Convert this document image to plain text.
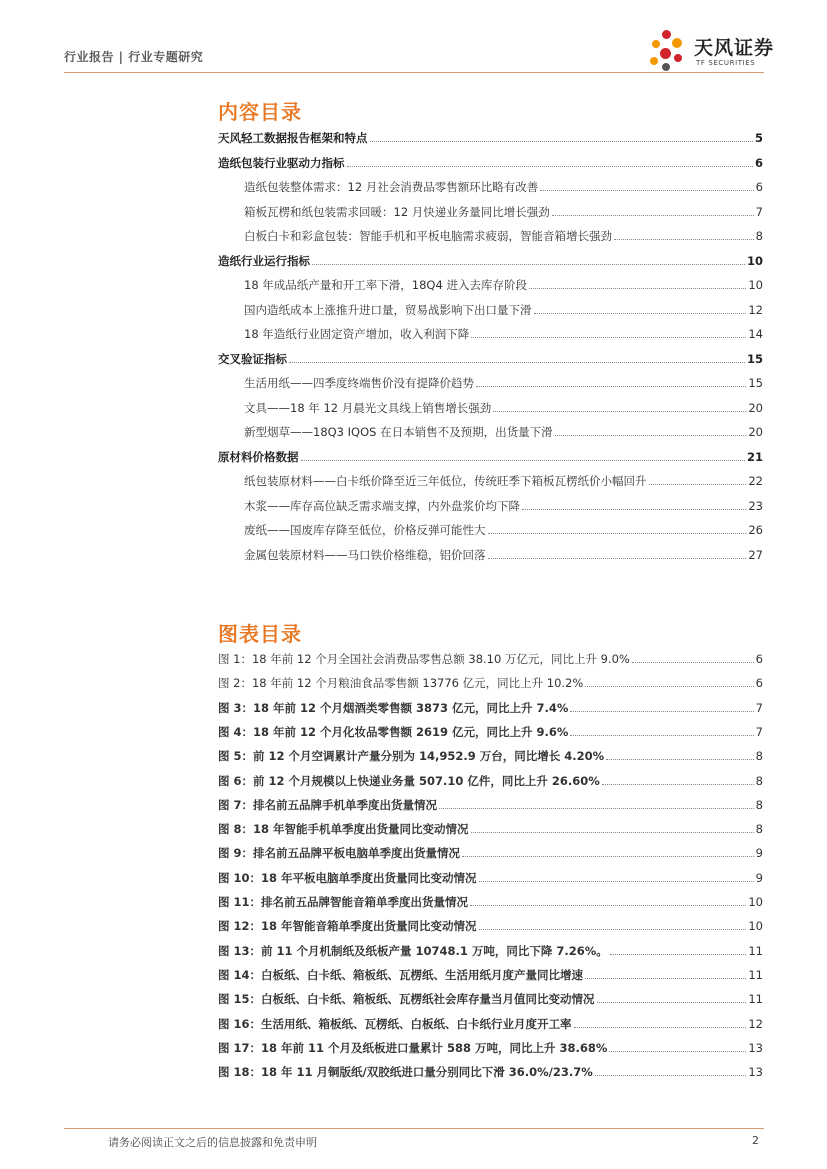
行业报告 | 行业专题研究	天风证券
TF SECURITIES
内容目录
天风轻工数据报告框架和特点	5
造纸包装行业驱动力指标	6
造纸包装整体需求：12 月社会消费品零售额环比略有改善	6
箱板瓦楞和纸包装需求回暖：12 月快递业务量同比增长强劲	7
白板白卡和彩盒包装：智能手机和平板电脑需求疲弱，智能音箱增长强劲	8
造纸行业运行指标	10
18 年成品纸产量和开工率下滑，18Q4 进入去库存阶段	10
国内造纸成本上涨推升进口量，贸易战影响下出口量下滑	12
18 年造纸行业固定资产增加，收入利润下降	14
交叉验证指标	15
生活用纸——四季度终端售价没有提降价趋势	15
文具——18 年 12 月晨光文具线上销售增长强劲	20
新型烟草——18Q3 IQOS 在日本销售不及预期，出货量下滑	20
原材料价格数据	21
纸包装原材料——白卡纸价降至近三年低位，传统旺季下箱板瓦楞纸价小幅回升	22
木浆——库存高位缺乏需求端支撑，内外盘浆价均下降	23
废纸——国废库存降至低位，价格反弹可能性大	26
金属包装原材料——马口铁价格维稳，铝价回落	27
图表目录
图 1：18 年前 12 个月全国社会消费品零售总额 38.10 万亿元，同比上升 9.0%	6
图 2：18 年前 12 个月粮油食品零售额 13776 亿元，同比上升 10.2%	6
图 3：18 年前 12 个月烟酒类零售额 3873 亿元，同比上升 7.4%	7
图 4：18 年前 12 个月化妆品零售额 2619 亿元，同比上升 9.6%	7
图 5：前 12 个月空调累计产量分别为 14,952.9 万台，同比增长 4.20%	8
图 6：前 12 个月规模以上快递业务量 507.10 亿件，同比上升 26.60%	8
图 7：排名前五品牌手机单季度出货量情况	8
图 8：18 年智能手机单季度出货量同比变动情况	8
图 9：排名前五品牌平板电脑单季度出货量情况	9
图 10：18 年平板电脑单季度出货量同比变动情况	9
图 11：排名前五品牌智能音箱单季度出货量情况	10
图 12：18 年智能音箱单季度出货量同比变动情况	10
图 13：前 11 个月机制纸及纸板产量 10748.1 万吨，同比下降 7.26%。	11
图 14：白板纸、白卡纸、箱板纸、瓦楞纸、生活用纸月度产量同比增速	11
图 15：白板纸、白卡纸、箱板纸、瓦楞纸社会库存量当月值同比变动情况	11
图 16：生活用纸、箱板纸、瓦楞纸、白板纸、白卡纸行业月度开工率	12
图 17：18 年前 11 个月及纸板进口量累计 588 万吨，同比上升 38.68%	13
图 18：18 年 11 月铜版纸/双胶纸进口量分别同比下滑 36.0%/23.7%	13
请务必阅读正文之后的信息披露和免责申明	2
